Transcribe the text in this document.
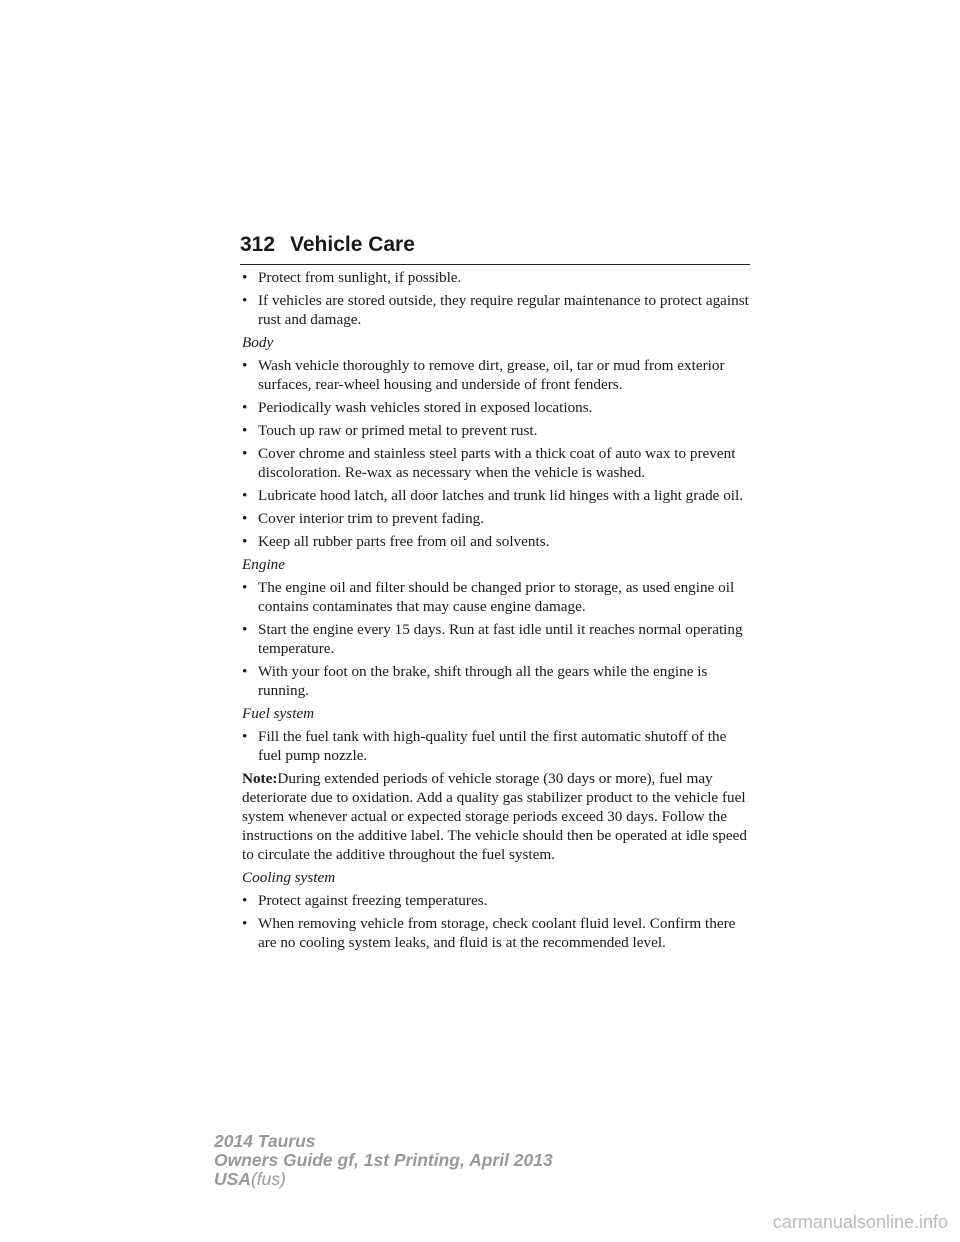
312 Vehicle Care
• Protect from sunlight, if possible.
• If vehicles are stored outside, they require regular maintenance to protect against rust and damage.
Body
• Wash vehicle thoroughly to remove dirt, grease, oil, tar or mud from exterior surfaces, rear-wheel housing and underside of front fenders.
• Periodically wash vehicles stored in exposed locations.
• Touch up raw or primed metal to prevent rust.
• Cover chrome and stainless steel parts with a thick coat of auto wax to prevent discoloration. Re-wax as necessary when the vehicle is washed.
• Lubricate hood latch, all door latches and trunk lid hinges with a light grade oil.
• Cover interior trim to prevent fading.
• Keep all rubber parts free from oil and solvents.
Engine
• The engine oil and filter should be changed prior to storage, as used engine oil contains contaminates that may cause engine damage.
• Start the engine every 15 days. Run at fast idle until it reaches normal operating temperature.
• With your foot on the brake, shift through all the gears while the engine is running.
Fuel system
• Fill the fuel tank with high-quality fuel until the first automatic shutoff of the fuel pump nozzle.
Note:During extended periods of vehicle storage (30 days or more), fuel may deteriorate due to oxidation. Add a quality gas stabilizer product to the vehicle fuel system whenever actual or expected storage periods exceed 30 days. Follow the instructions on the additive label. The vehicle should then be operated at idle speed to circulate the additive throughout the fuel system.
Cooling system
• Protect against freezing temperatures.
• When removing vehicle from storage, check coolant fluid level. Confirm there are no cooling system leaks, and fluid is at the recommended level.
2014 Taurus
Owners Guide gf, 1st Printing, April 2013
USA(fus)
carmanualsonline.info
